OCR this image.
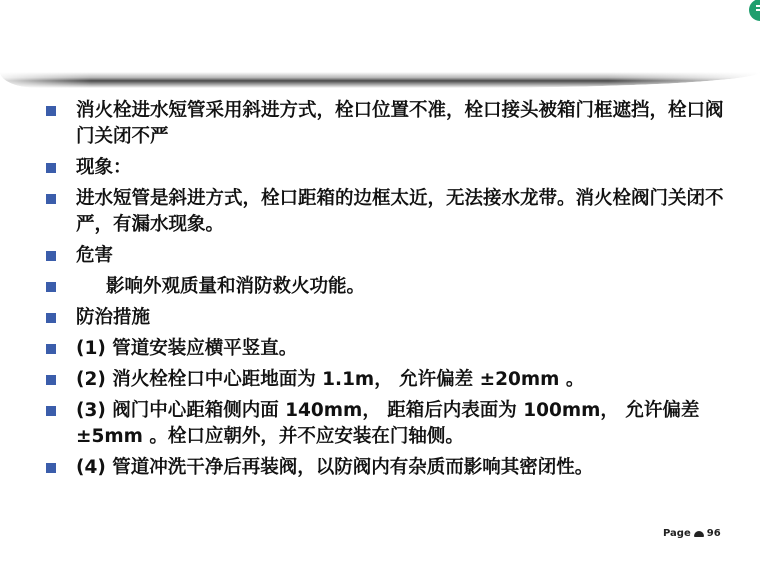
消火栓进水短管采用斜进方式，栓口位置不准，栓口接头被箱门框遮挡，栓口阀门关闭不严
现象：
进水短管是斜进方式，栓口距箱的边框太近，无法接水龙带。消火栓阀门关闭不严，有漏水现象。
危害
影响外观质量和消防救火功能。
防治措施
(1) 管道安装应横平竖直。
(2) 消火栓栓口中心距地面为 1.1m， 允许偏差 ±20mm 。
(3) 阀门中心距箱侧内面 140mm， 距箱后内表面为 100mm， 允许偏差 ±5mm 。栓口应朝外，并不应安装在门轴侧。
(4) 管道冲洗干净后再装阀，以防阀内有杂质而影响其密闭性。
Page 96
